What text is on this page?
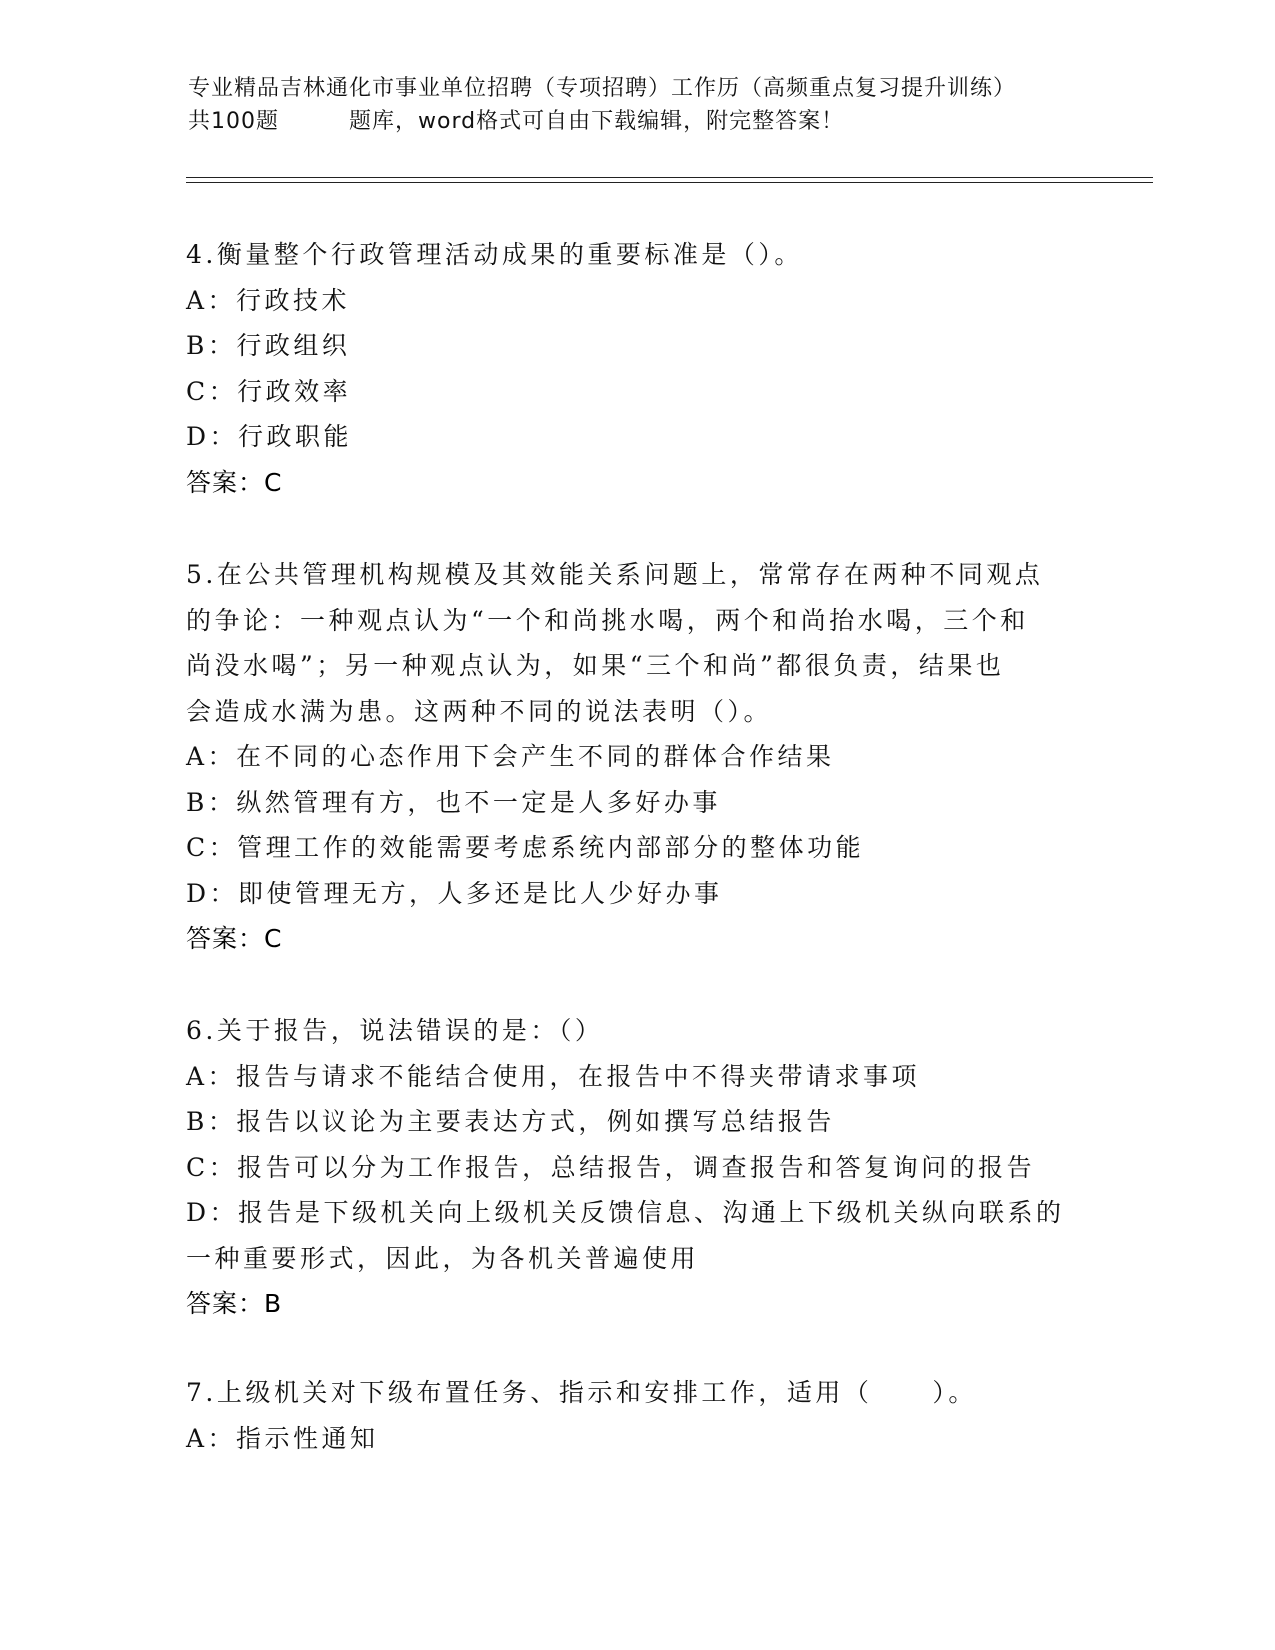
专业精品吉林通化市事业单位招聘（专项招聘）工作历（高频重点复习提升训练）
共100题	题库，word格式可自由下载编辑，附完整答案！
4.衡量整个行政管理活动成果的重要标准是（）。
A：行政技术
B：行政组织
C：行政效率
D：行政职能
答案：C
5.在公共管理机构规模及其效能关系问题上，常常存在两种不同观点
的争论：一种观点认为“一个和尚挑水喝，两个和尚抬水喝，三个和
尚没水喝”；另一种观点认为，如果“三个和尚”都很负责，结果也
会造成水满为患。这两种不同的说法表明（）。
A：在不同的心态作用下会产生不同的群体合作结果
B：纵然管理有方，也不一定是人多好办事
C：管理工作的效能需要考虑系统内部部分的整体功能
D：即使管理无方，人多还是比人少好办事
答案：C
6.关于报告，说法错误的是：（）
A：报告与请求不能结合使用，在报告中不得夹带请求事项
B：报告以议论为主要表达方式，例如撰写总结报告
C：报告可以分为工作报告，总结报告，调查报告和答复询问的报告
D：报告是下级机关向上级机关反馈信息、沟通上下级机关纵向联系的
一种重要形式，因此，为各机关普遍使用
答案：B
7.上级机关对下级布置任务、指示和安排工作，适用（ ）。
A：指示性通知
